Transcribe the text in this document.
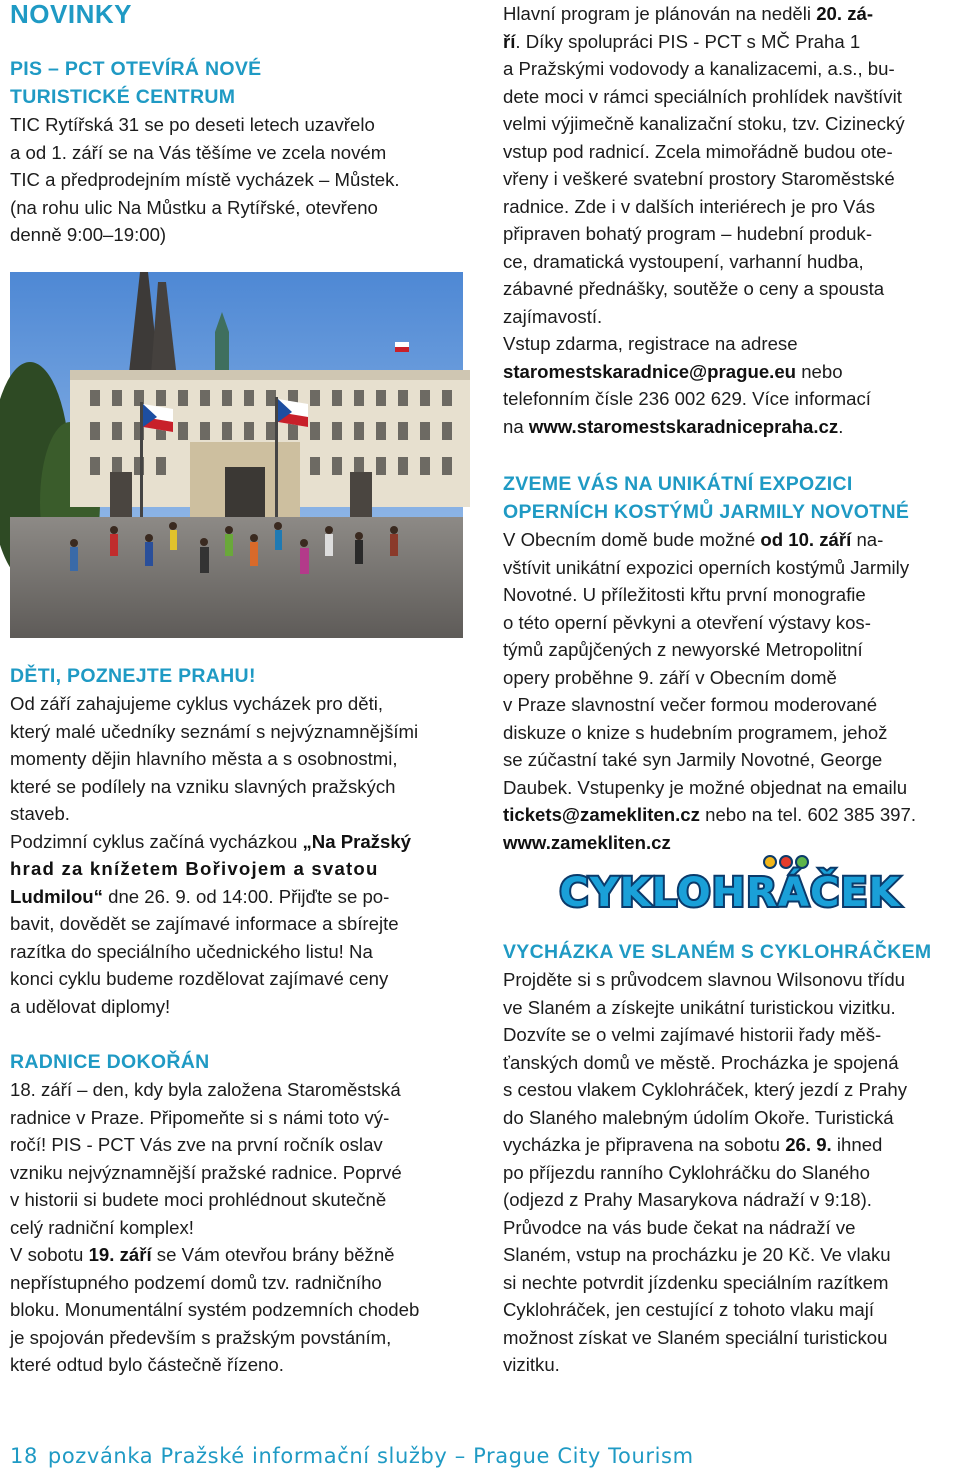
NOVINKY
PIS – PCT OTEVÍRÁ NOVÉ
TURISTICKÉ CENTRUM

TIC Rytířská 31 se po deseti letech uzavřelo

a od 1. září se na Vás těšíme ve zcela novém

TIC a předprodejním místě vycházek – Můstek.

(na rohu ulic Na Můstku a Rytířské, otevřeno

denně 9:00–19:00)

DĚTI, POZNEJTE PRAHU!

Od září zahajujeme cyklus vycházek pro děti,

který malé učedníky seznámí s nejvýznamnějšími

momenty dějin hlavního města a s osobnostmi,

které se podílely na vzniku slavných pražských

staveb.

Podzimní cyklus začíná vycházkou „Na Pražský

hrad za knížetem Bořivojem a svatou

Ludmilou“ dne 26. 9. od 14:00. Přijďte se po-

bavit, dovědět se zajímavé informace a sbírejte

razítka do speciálního učednického listu! Na

konci cyklu budeme rozdělovat zajímavé ceny

a udělovat diplomy!

RADNICE DOKOŘÁN

18. září – den, kdy byla založena Staroměstská

radnice v Praze. Připomeňte si s námi toto vý-

ročí! PIS - PCT Vás zve na první ročník oslav

vzniku nejvýznamnější pražské radnice. Poprvé

v historii si budete moci prohlédnout skutečně

celý radniční komplex!

V sobotu 19. září se Vám otevřou brány běžně

nepřístupného podzemí domů tzv. radničního

bloku. Monumentální systém podzemních chodeb

je spojován především s pražským povstáním,

které odtud bylo částečně řízeno.

Hlavní program je plánován na neděli 20. zá-

ří. Díky spolupráci PIS - PCT s MČ Praha 1

a Pražskými vodovody a kanalizacemi, a.s., bu-

dete moci v rámci speciálních prohlídek navštívit

velmi výjimečně kanalizační stoku, tzv. Cizinecký

vstup pod radnicí. Zcela mimořádně budou ote-

vřeny i veškeré svatební prostory Staroměstské

radnice. Zde i v dalších interiérech je pro Vás

připraven bohatý program – hudební produk-

ce, dramatická vystoupení, varhanní hudba,

zábavné přednášky, soutěže o ceny a spousta

zajímavostí.

Vstup zdarma, registrace na adrese

staromestskaradnice@prague.eu nebo

telefonním čísle 236 002 629. Více informací

na www.staromestskaradnicepraha.cz.

ZVEME VÁS NA UNIKÁTNÍ EXPOZICI
OPERNÍCH KOSTÝMŮ JARMILY NOVOTNÉ

V Obecním domě bude možné od 10. září na-

vštívit unikátní expozici operních kostýmů Jarmily

Novotné. U příležitosti křtu první monografie

o této operní pěvkyni a otevření výstavy kos-

týmů zapůjčených z newyorské Metropolitní

opery proběhne 9. září v Obecním domě

v Praze slavnostní večer formou moderované

diskuze o knize s hudebním programem, jehož

se zúčastní také syn Jarmily Novotné, George

Daubek. Vstupenky je možné objednat na emailu

tickets@zamekliten.cz nebo na tel. 602 385 397.

www.zamekliten.cz

VYCHÁZKA VE SLANÉM S CYKLOHRÁČKEM

Projděte si s průvodcem slavnou Wilsonovu třídu

ve Slaném a získejte unikátní turistickou vizitku.

Dozvíte se o velmi zajímavé historii řady měš-

ťanských domů ve městě. Procházka je spojená

s cestou vlakem Cyklohráček, který jezdí z Prahy

do Slaného malebným údolím Okoře. Turistická

vycházka je připravena na sobotu 26. 9. ihned

po příjezdu ranního Cyklohráčku do Slaného

(odjezd z Prahy Masarykova nádraží v 9:18).

Průvodce na vás bude čekat na nádraží ve

Slaném, vstup na procházku je 20 Kč. Ve vlaku

si nechte potvrdit jízdenku speciálním razítkem

Cyklohráček, jen cestující z tohoto vlaku mají

možnost získat ve Slaném speciální turistickou

vizitku.

CYKLOHRÁČEK
18 pozvánka Pražské informační služby – Prague City Tourism
